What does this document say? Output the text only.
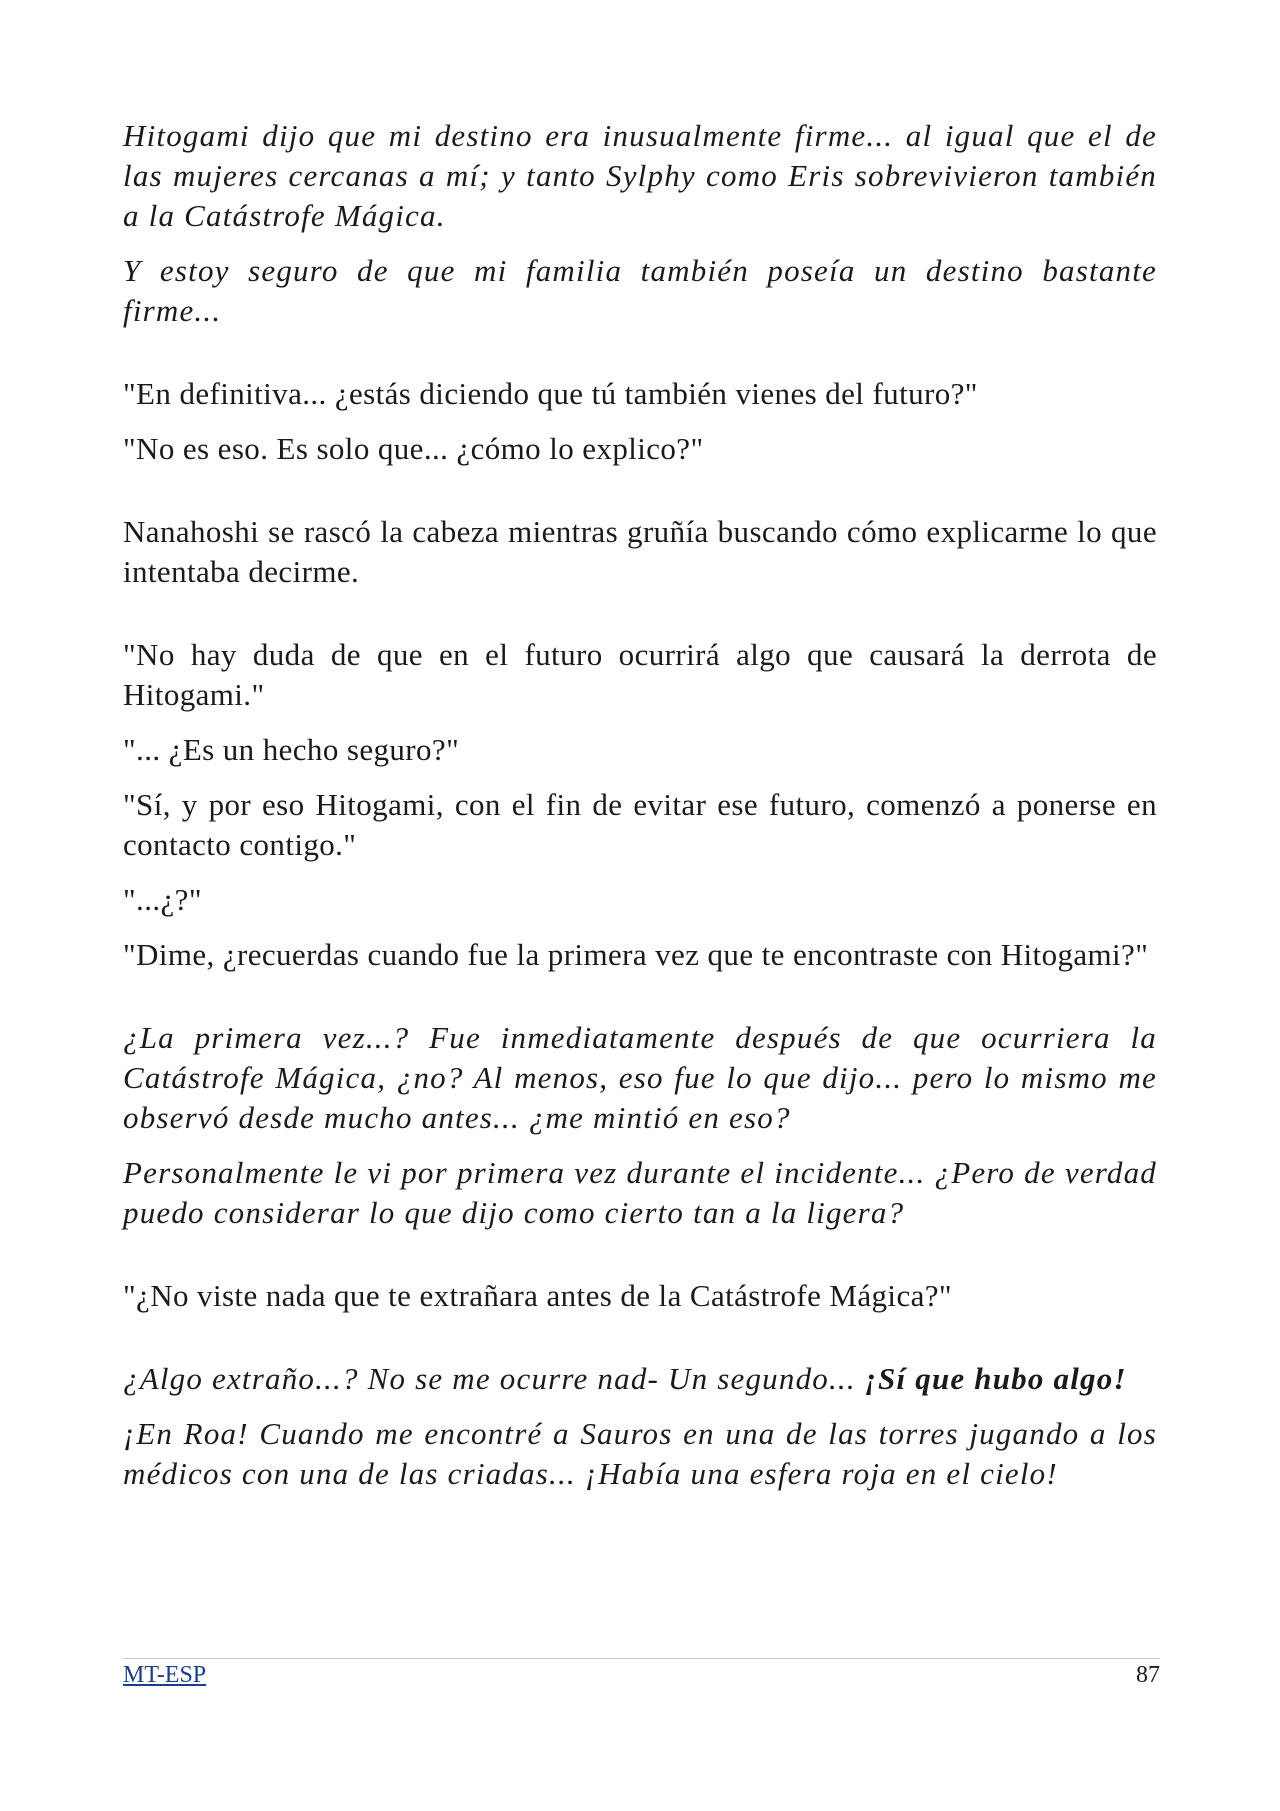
Hitogami dijo que mi destino era inusualmente firme... al igual que el de las mujeres cercanas a mí; y tanto Sylphy como Eris sobrevivieron también a la Catástrofe Mágica.

Y estoy seguro de que mi familia también poseía un destino bastante firme...

"En definitiva... ¿estás diciendo que tú también vienes del futuro?"

"No es eso. Es solo que... ¿cómo lo explico?"

Nanahoshi se rascó la cabeza mientras gruñía buscando cómo explicarme lo que intentaba decirme.

"No hay duda de que en el futuro ocurrirá algo que causará la derrota de Hitogami."

"... ¿Es un hecho seguro?"

"Sí, y por eso Hitogami, con el fin de evitar ese futuro, comenzó a ponerse en contacto contigo."

"...¿?"

"Dime, ¿recuerdas cuando fue la primera vez que te encontraste con Hitogami?"

¿La primera vez...? Fue inmediatamente después de que ocurriera la Catástrofe Mágica, ¿no? Al menos, eso fue lo que dijo... pero lo mismo me observó desde mucho antes... ¿me mintió en eso?

Personalmente le vi por primera vez durante el incidente... ¿Pero de verdad puedo considerar lo que dijo como cierto tan a la ligera?

"¿No viste nada que te extrañara antes de la Catástrofe Mágica?"

¿Algo extraño...? No se me ocurre nad- Un segundo... ¡Sí que hubo algo!

¡En Roa! Cuando me encontré a Sauros en una de las torres jugando a los médicos con una de las criadas... ¡Había una esfera roja en el cielo!

MT-ESP	87
